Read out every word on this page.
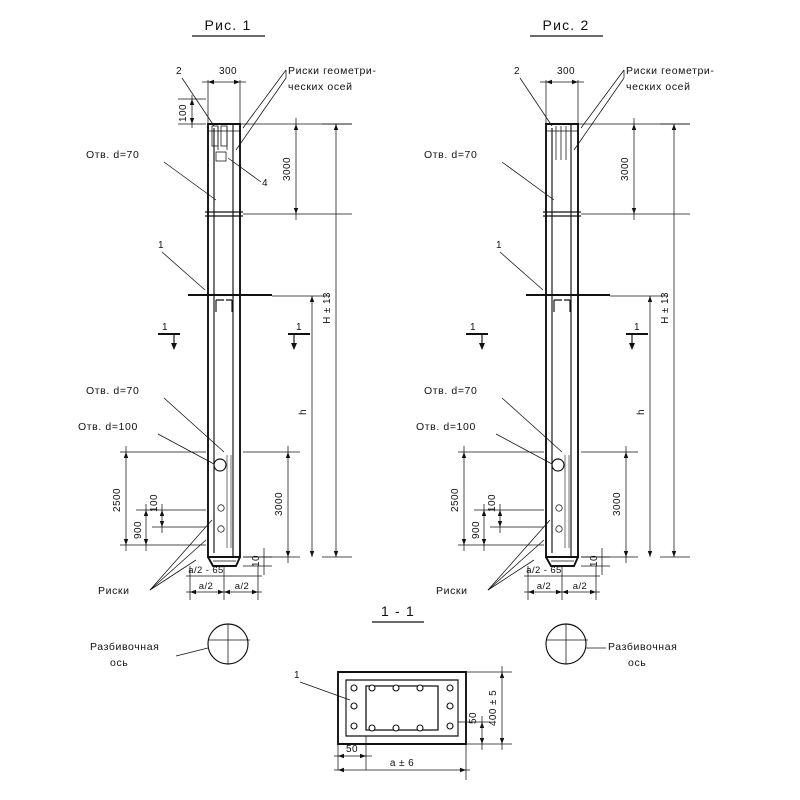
Рис. 1
Риски геометри-
ческих осей
2	300
100
3000
H ± 13
h
3000
Отв. d=70
4
1
1	1
Отв. d=70
Отв. d=100
2500
900
100
10
a/2 - 65
a/2 a/2
Риски
Разбивочная
ось
Рис. 2
Риски геометри-
ческих осей
2	300
3000
H ± 13
h
3000
Отв. d=70
1
1	1
Отв. d=70
Отв. d=100
2500
900
100
10
a/2 - 65
a/2 a/2
Риски
Разбивочная
ось
1 - 1
1
400 ± 5
50
50
a ± 6
